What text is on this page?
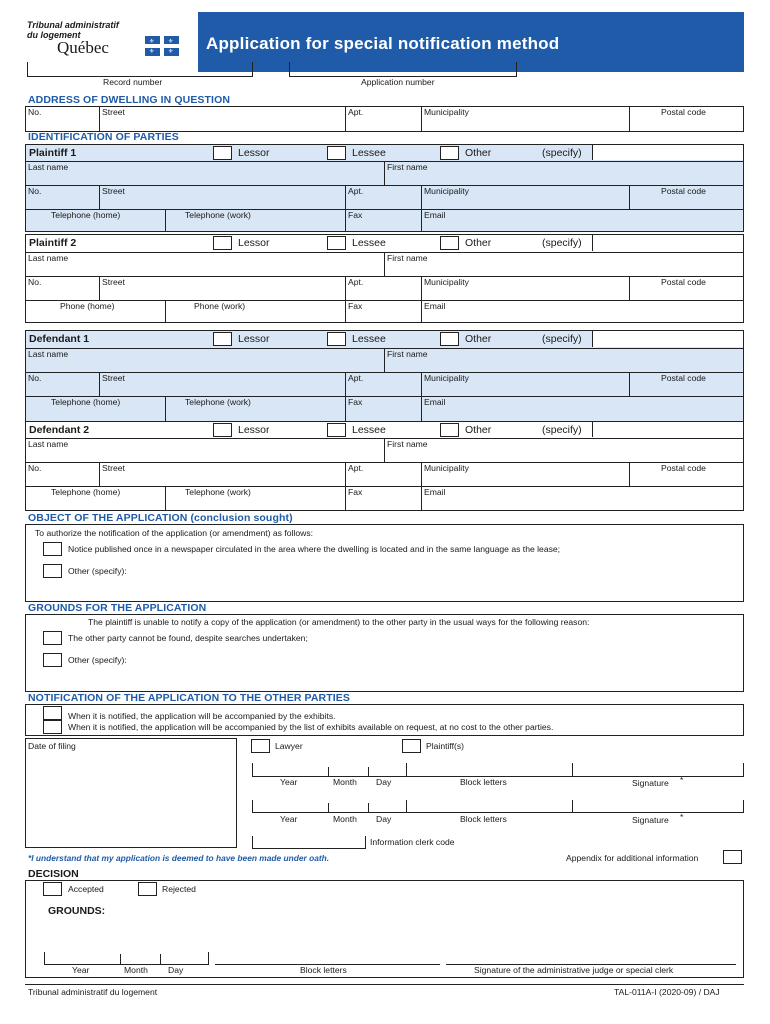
Tribunal administratif
du logement
Québec	⚜ ⚜
⚜ ⚜ Application for special notification method
Record number	Application number
ADDRESS OF DWELLING IN QUESTION
No.	Street	Apt.	Municipality	Postal code
IDENTIFICATION OF PARTIES
Plaintiff 1	Lessor	Lessee	Other	(specify)
Last name	First name
No.	Street	Apt.	Municipality	Postal code
Telephone (home)	Telephone (work)	Fax	Email
Plaintiff 2	Lessor	Lessee	Other	(specify)
Last name	First name
No.	Street	Apt.	Municipality	Postal code
Phone (home)	Phone (work)	Fax	Email
Defendant 1	Lessor	Lessee	Other	(specify)
Last name	First name
No.	Street	Apt.	Municipality	Postal code
Telephone (home)	Telephone (work)	Fax	Email
Defendant 2	Lessor	Lessee	Other	(specify)
Last name	First name
No.	Street	Apt.	Municipality	Postal code
Telephone (home)	Telephone (work)	Fax	Email
OBJECT OF THE APPLICATION (conclusion sought)
To authorize the notification of the application (or amendment) as follows:
Notice published once in a newspaper circulated in the area where the dwelling is located and in the same language as the lease;
Other (specify):
GROUNDS FOR THE APPLICATION
The plaintiff is unable to notify a copy of the application (or amendment) to the other party in the usual ways for the following reason:
The other party cannot be found, despite searches undertaken;
Other (specify):
NOTIFICATION OF THE APPLICATION TO THE OTHER PARTIES
When it is notified, the application will be accompanied by the exhibits.
When it is notified, the application will be accompanied by the list of exhibits available on request, at no cost to the other parties.
Date of filing	Lawyer	Plaintiff(s)
Year	Month Day	Block letters	Signature *
Year	Month Day	Block letters	Signature *
Information clerk code
*I understand that my application is deemed to have been made under oath.	Appendix for additional information
DECISION
Accepted	Rejected
GROUNDS:
Year	Month Day	Block letters	Signature of the administrative judge or special clerk
Tribunal administratif du logement	TAL-011A-I (2020-09) / DAJ
